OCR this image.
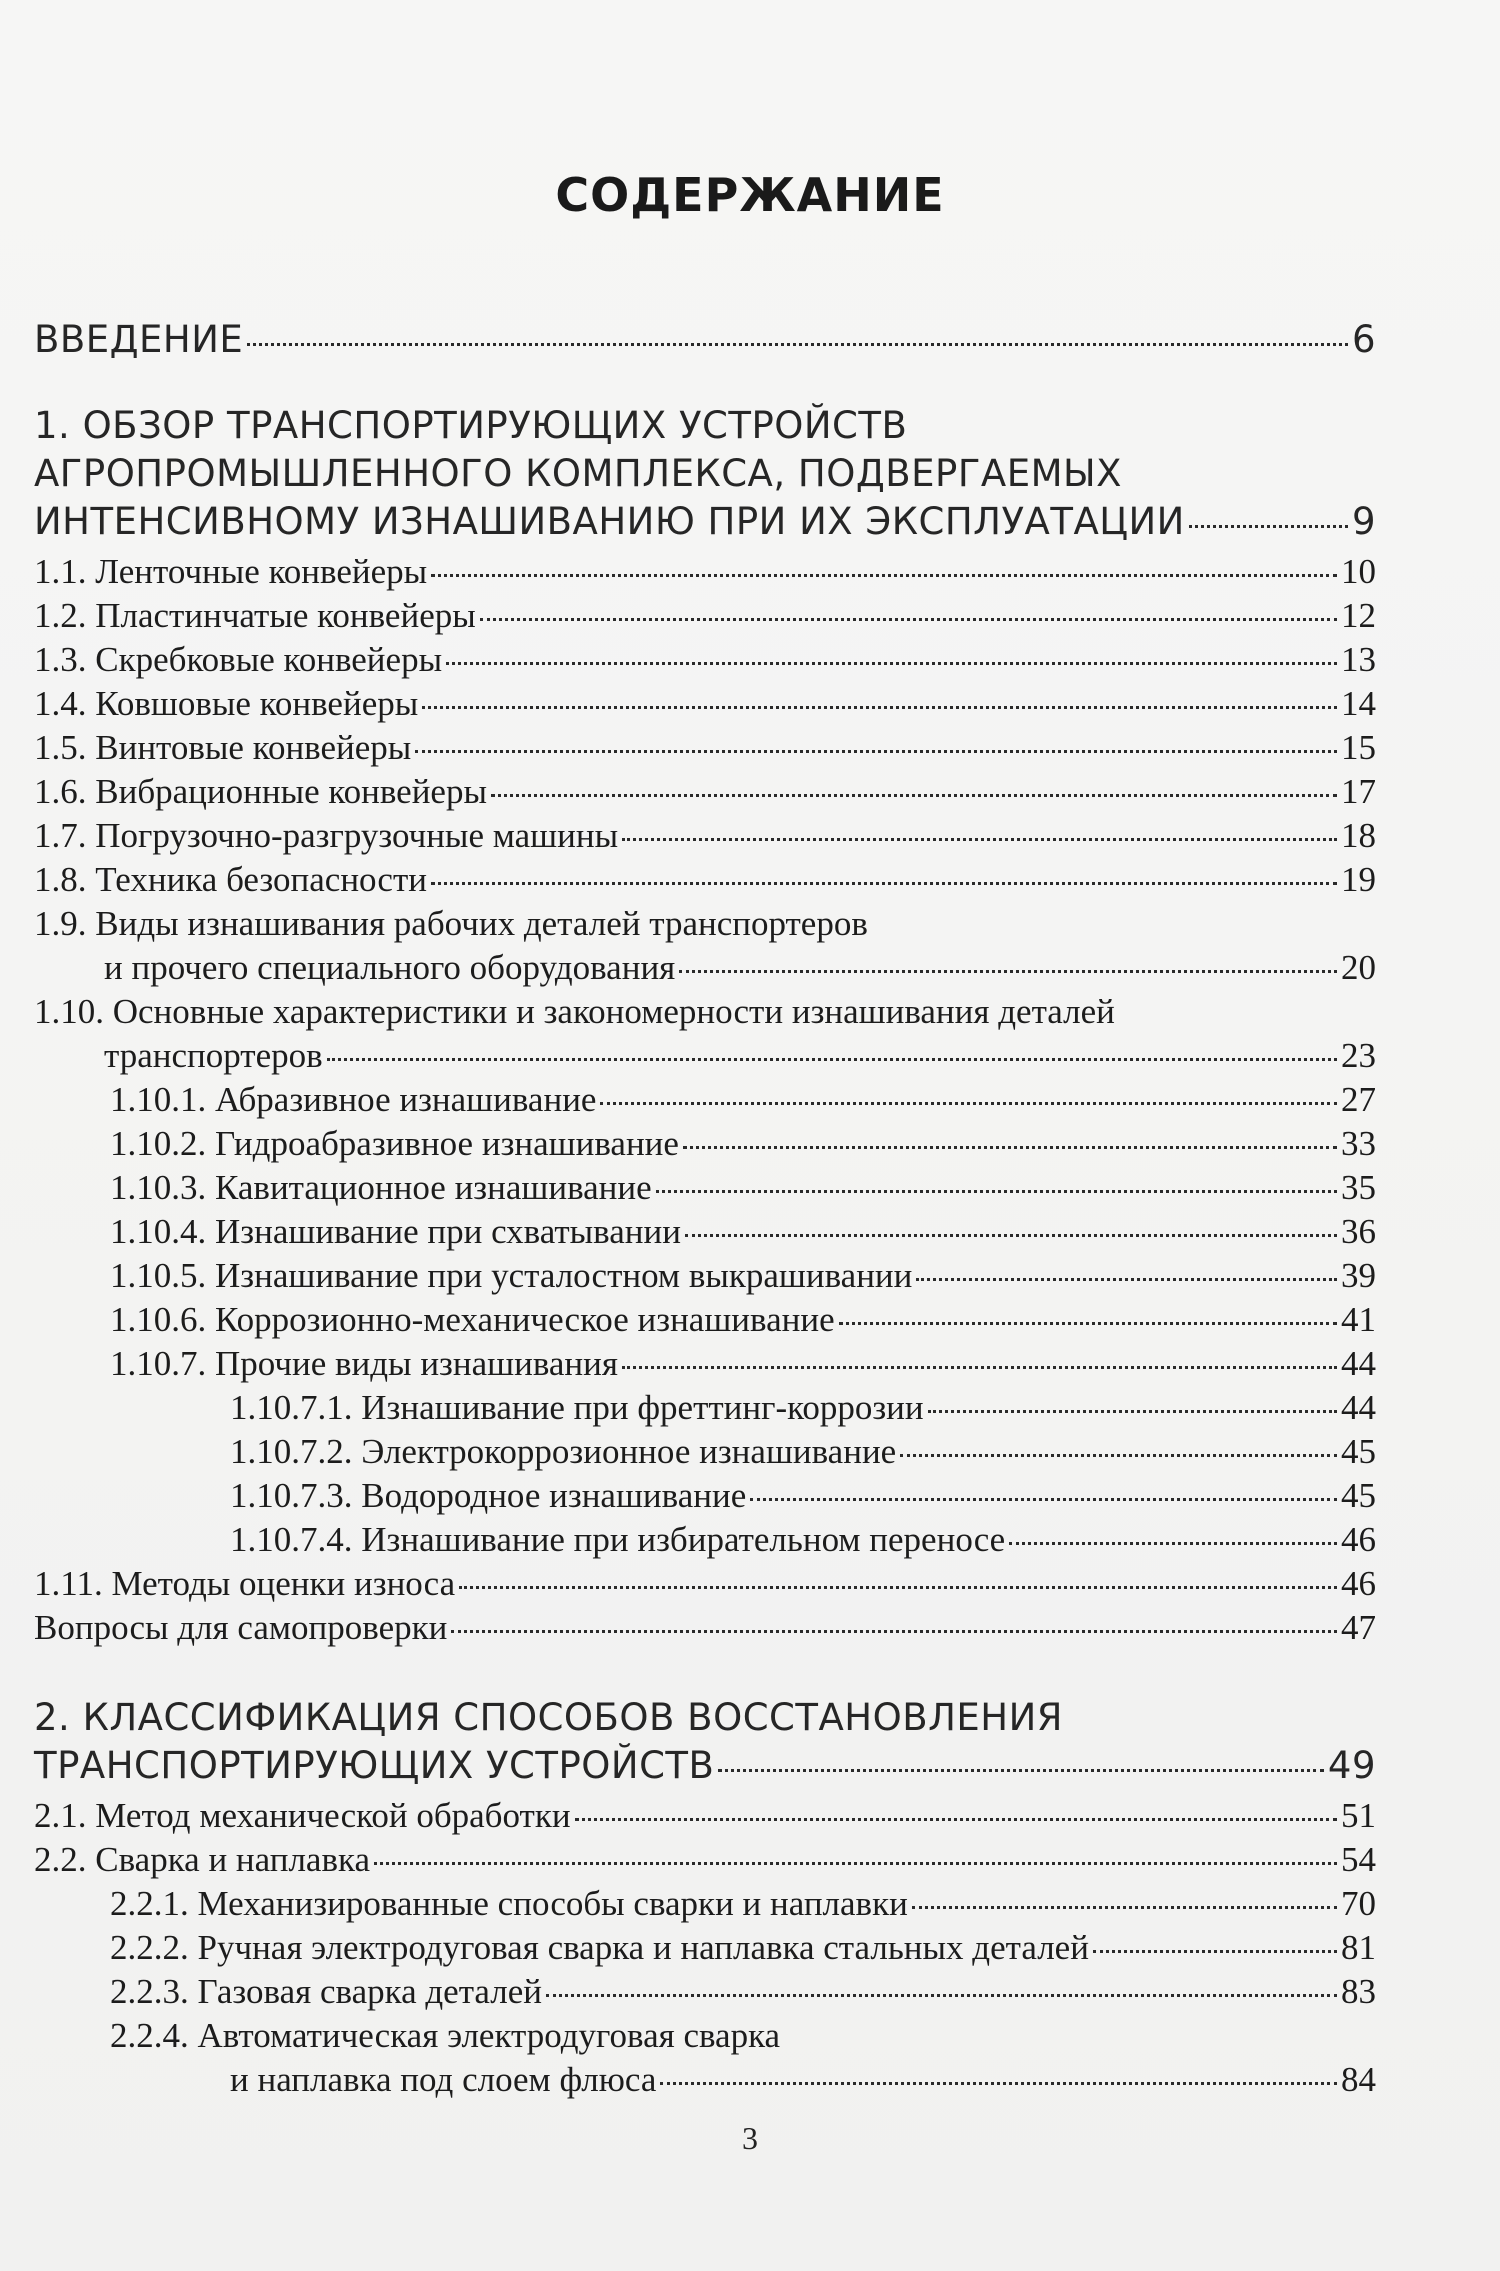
СОДЕРЖАНИЕ
ВВЕДЕНИЕ	6
1. ОБЗОР ТРАНСПОРТИРУЮЩИХ УСТРОЙСТВ
АГРОПРОМЫШЛЕННОГО КОМПЛЕКСА, ПОДВЕРГАЕМЫХ
ИНТЕНСИВНОМУ ИЗНАШИВАНИЮ ПРИ ИХ ЭКСПЛУАТАЦИИ	9
1.1. Ленточные конвейеры	10
1.2. Пластинчатые конвейеры	12
1.3. Скребковые конвейеры	13
1.4. Ковшовые конвейеры	14
1.5. Винтовые конвейеры	15
1.6. Вибрационные конвейеры	17
1.7. Погрузочно-разгрузочные машины	18
1.8. Техника безопасности	19
1.9. Виды изнашивания рабочих деталей транспортеров
и прочего специального оборудования	20
1.10. Основные характеристики и закономерности изнашивания деталей
транспортеров	23
1.10.1. Абразивное изнашивание	27
1.10.2. Гидроабразивное изнашивание	33
1.10.3. Кавитационное изнашивание	35
1.10.4. Изнашивание при схватывании	36
1.10.5. Изнашивание при усталостном выкрашивании	39
1.10.6. Коррозионно-механическое изнашивание	41
1.10.7. Прочие виды изнашивания	44
1.10.7.1. Изнашивание при фреттинг-коррозии	44
1.10.7.2. Электрокоррозионное изнашивание	45
1.10.7.3. Водородное изнашивание	45
1.10.7.4. Изнашивание при избирательном переносе	46
1.11. Методы оценки износа	46
Вопросы для самопроверки	47
2. КЛАССИФИКАЦИЯ СПОСОБОВ ВОССТАНОВЛЕНИЯ
ТРАНСПОРТИРУЮЩИХ УСТРОЙСТВ	49
2.1. Метод механической обработки	51
2.2. Сварка и наплавка	54
2.2.1. Механизированные способы сварки и наплавки	70
2.2.2. Ручная электродуговая сварка и наплавка стальных деталей	81
2.2.3. Газовая сварка деталей	83
2.2.4. Автоматическая электродуговая сварка
и наплавка под слоем флюса	84
3
